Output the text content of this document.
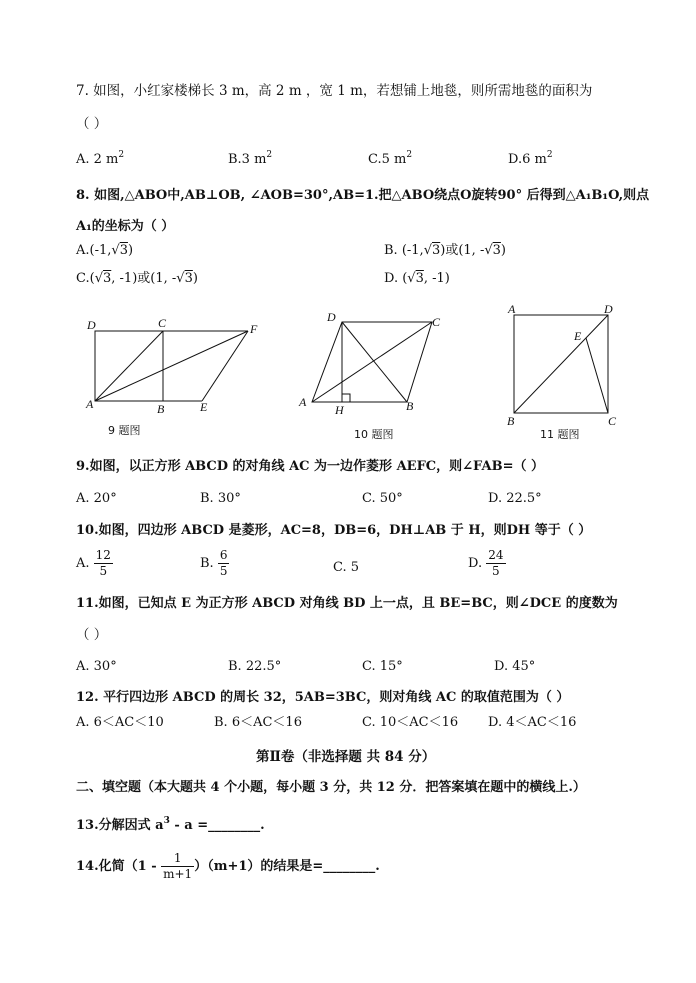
7. 如图，小红家楼梯长 3 m，高 2 m ，宽 1 m，若想铺上地毯，则所需地毯的面积为
（ ）
A. 2 $m^2$	B.3 $m^2$	C.5 $m^2$	D.6 $m^2$
8. 如图,△ABO中,AB⊥OB, ∠AOB=30°,AB=1.把△ABO绕点O旋转90° 后得到△A₁B₁O,则点
A₁的坐标为（ ）
A.(-1,√3)	B. (-1,√3)或(1, -√3)
C.(√3, -1)或(1, -√3)	D. (√3, -1)
D	C	F
A	B	E
9 题图
D	C
A
H	B
10 题图
A	D
E
B	C
11 题图
9.如图，以正方形 ABCD 的对角线 AC 为一边作菱形 AEFC，则∠FAB=（ ）
A. 20°	B. 30°	C. 50°	D. 22.5°
10.如图，四边形 ABCD 是菱形，AC=8，DB=6，DH⊥AB 于 H，则DH 等于（ ）
A. $\frac{12}{5}$	B. $\frac{6}{5}$	C. 5	D. $\frac{24}{5}$
11.如图，已知点 E 为正方形 ABCD 对角线 BD 上一点，且 BE=BC，则∠DCE 的度数为
（ ）
A. 30°	B. 22.5°	C. 15°	D. 45°
12. 平行四边形 ABCD 的周长 32，5AB=3BC，则对角线 AC 的取值范围为（ ）
A. 6＜AC＜10	B. 6＜AC＜16	C. 10＜AC＜16 D. 4＜AC＜16
第Ⅱ卷（非选择题 共 84 分）
二、填空题（本大题共 4 个小题，每小题 3 分，共 12 分．把答案填在题中的横线上.）
13.分解因式 $a^3$ - a =________.
14.化简$(1 - \frac{1}{m+1} )(m+1)$的结果是=________.
